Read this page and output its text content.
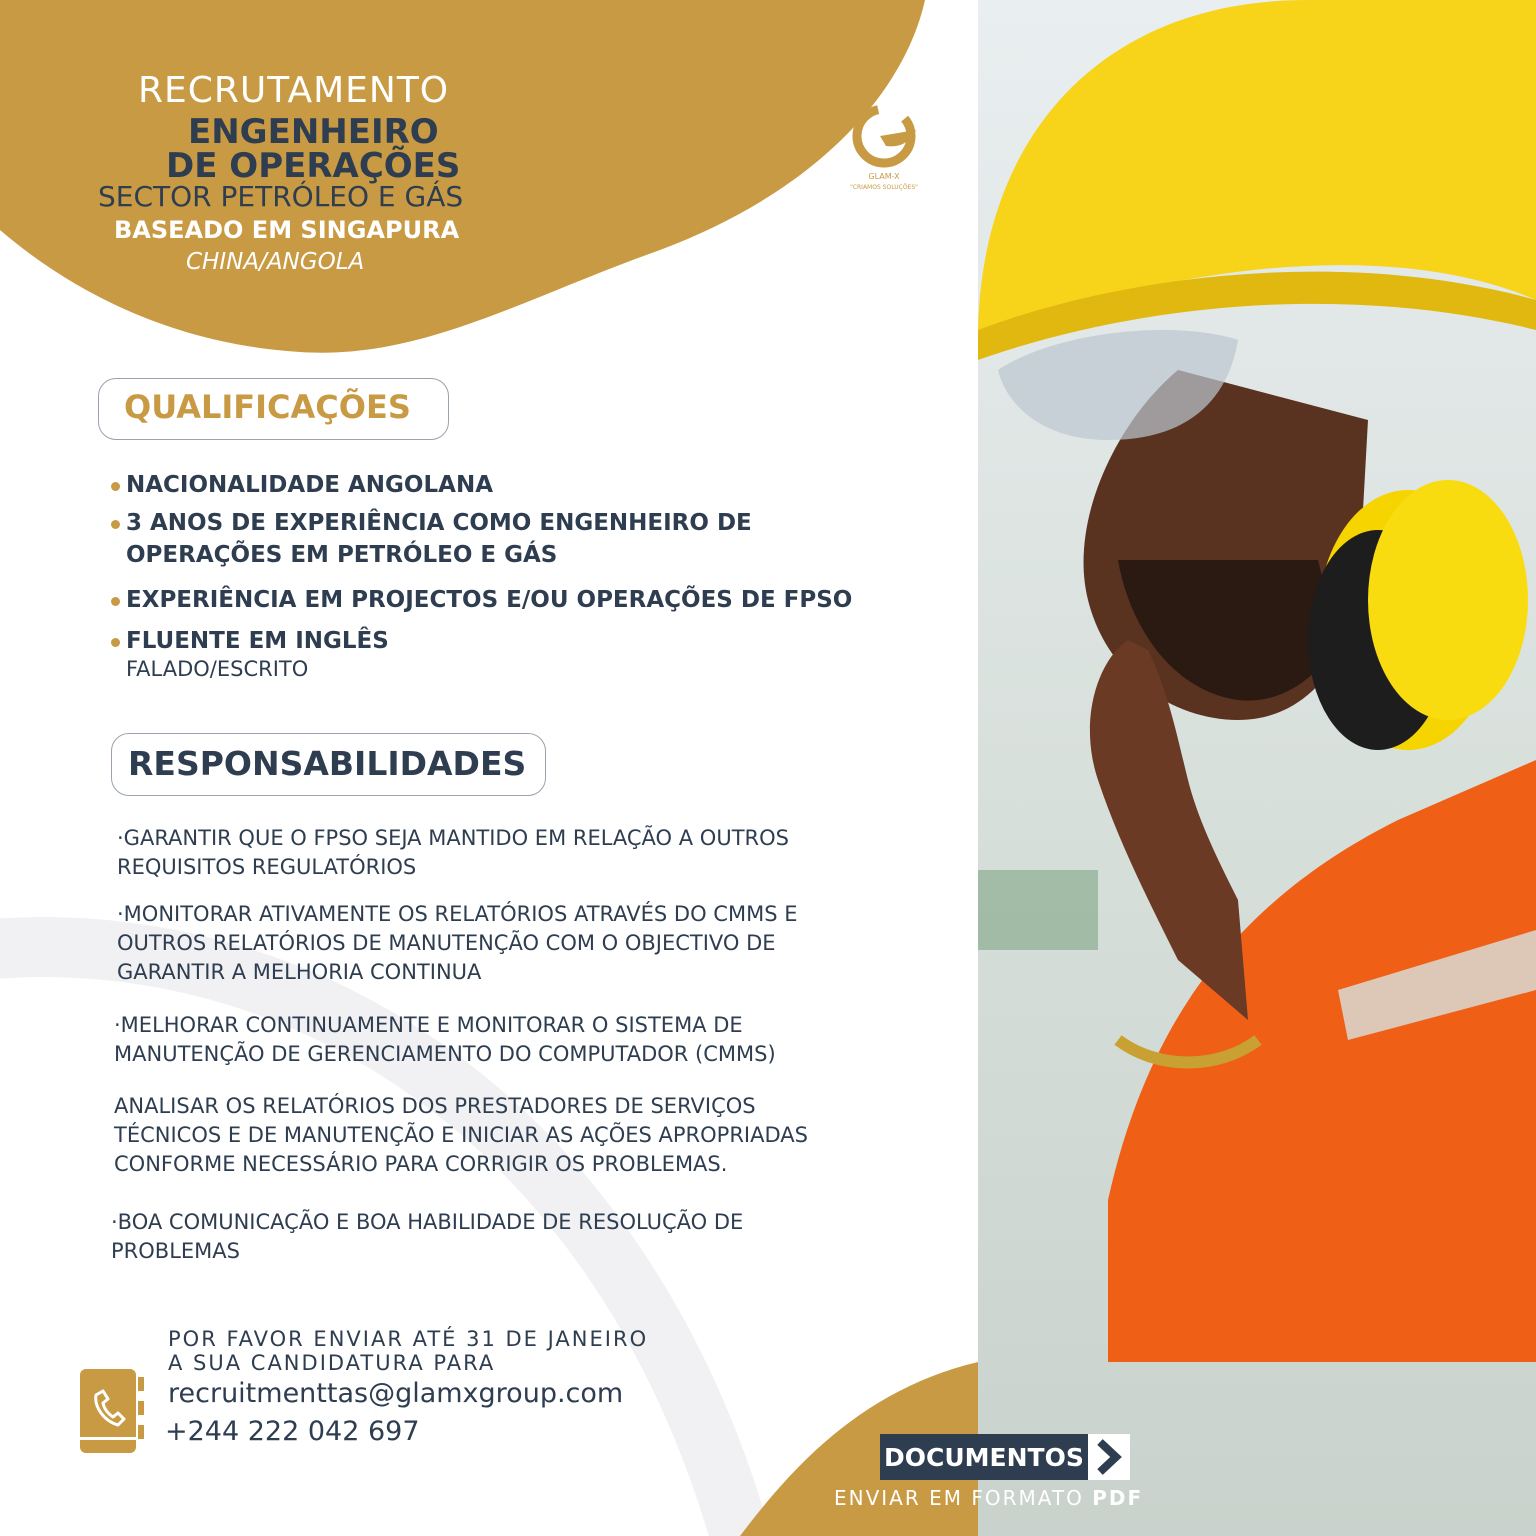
RECRUTAMENTO
ENGENHEIRO
DE OPERAÇÕES
SECTOR PETRÓLEO E GÁS
BASEADO EM SINGAPURA
CHINA/ANGOLA
GLAM-X
"CRIAMOS SOLUÇÕES"
QUALIFICAÇÕES
NACIONALIDADE ANGOLANA
3 ANOS DE EXPERIÊNCIA COMO ENGENHEIRO DE
OPERAÇÕES EM PETRÓLEO E GÁS
EXPERIÊNCIA EM PROJECTOS E/OU OPERAÇÕES DE FPSO
FLUENTE EM INGLÊS
FALADO/ESCRITO
RESPONSABILIDADES
·GARANTIR QUE O FPSO SEJA MANTIDO EM RELAÇÃO A OUTROS
REQUISITOS REGULATÓRIOS
·MONITORAR ATIVAMENTE OS RELATÓRIOS ATRAVÉS DO CMMS E
OUTROS RELATÓRIOS DE MANUTENÇÃO COM O OBJECTIVO DE
GARANTIR A MELHORIA CONTINUA
·MELHORAR CONTINUAMENTE E MONITORAR O SISTEMA DE
MANUTENÇÃO DE GERENCIAMENTO DO COMPUTADOR (CMMS)
ANALISAR OS RELATÓRIOS DOS PRESTADORES DE SERVIÇOS
TÉCNICOS E DE MANUTENÇÃO E INICIAR AS AÇÕES APROPRIADAS
CONFORME NECESSÁRIO PARA CORRIGIR OS PROBLEMAS.
·BOA COMUNICAÇÃO E BOA HABILIDADE DE RESOLUÇÃO DE
PROBLEMAS
POR FAVOR ENVIAR ATÉ 31 DE JANEIRO
A SUA CANDIDATURA PARA
recruitmenttas@glamxgroup.com
+244 222 042 697
DOCUMENTOS
ENVIAR EM FORMATO PDF
